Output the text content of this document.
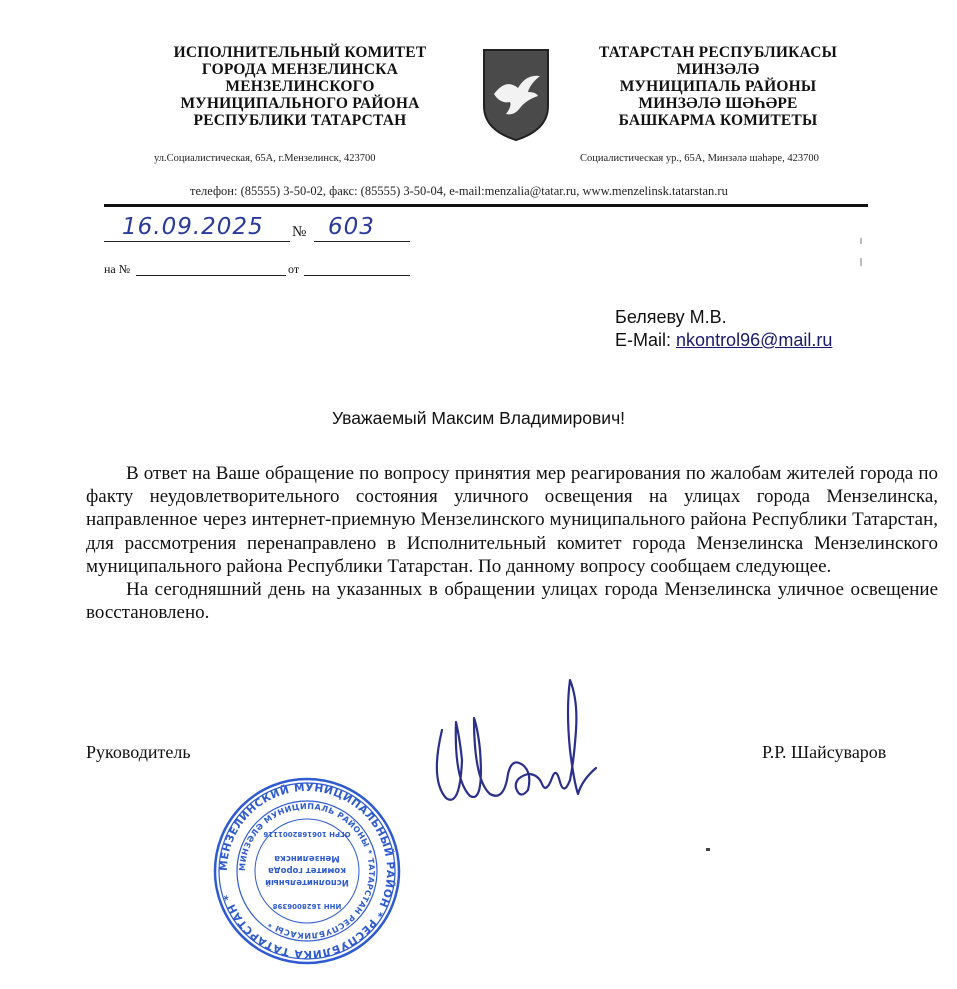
ИСПОЛНИТЕЛЬНЫЙ КОМИТЕТ
ГОРОДА МЕНЗЕЛИНСКА
МЕНЗЕЛИНСКОГО
МУНИЦИПАЛЬНОГО РАЙОНА
РЕСПУБЛИКИ ТАТАРСТАН
ТАТАРСТАН РЕСПУБЛИКАСЫ
МИНЗӘЛӘ
МУНИЦИПАЛЬ РАЙОНЫ
МИНЗӘЛӘ ШӘҺӘРЕ
БАШКАРМА КОМИТЕТЫ
ул.Социалистическая, 65А, г.Мензелинск, 423700	Социалистическая ур., 65А, Минзәлә шәһәре, 423700
телефон: (85555) 3-50-02, факс: (85555) 3-50-04, e-mail:menzalia@tatar.ru, www.menzelinsk.tatarstan.ru
16.09.2025 № 603
на №	от
Беляеву М.В.
E-Mail: nkontrol96@mail.ru
Уважаемый Максим Владимирович!

В ответ на Ваше обращение по вопросу принятия мер реагирования по жалобам жителей города по факту неудовлетворительного состояния уличного освещения на улицах города Мензелинска, направленное через интернет-приемную Мензелинского муниципального района Республики Татарстан, для рассмотрения перенаправлено в Исполнительный комитет города Мензелинска Мензелинского муниципального района Республики Татарстан. По данному вопросу сообщаем следующее.

На сегодняшний день на указанных в обращении улицах города Мензелинска уличное освещение восстановлено.

Руководитель	Р.Р. Шайсуваров
МЕНЗЕЛИНСКИЙ МУНИЦИПАЛЬНЫЙ РАЙОН * РЕСПУБЛИКА ТАТАРСТАН *
МИНЗӘЛӘ МУНИЦИПАЛЬ РАЙОНЫ * ТАТАРСТАН РЕСПУБЛИКАСЫ *
ИНН 1628006398
Исполнительный
комитет города
Мензелинска
ОГРН 1061682001116
